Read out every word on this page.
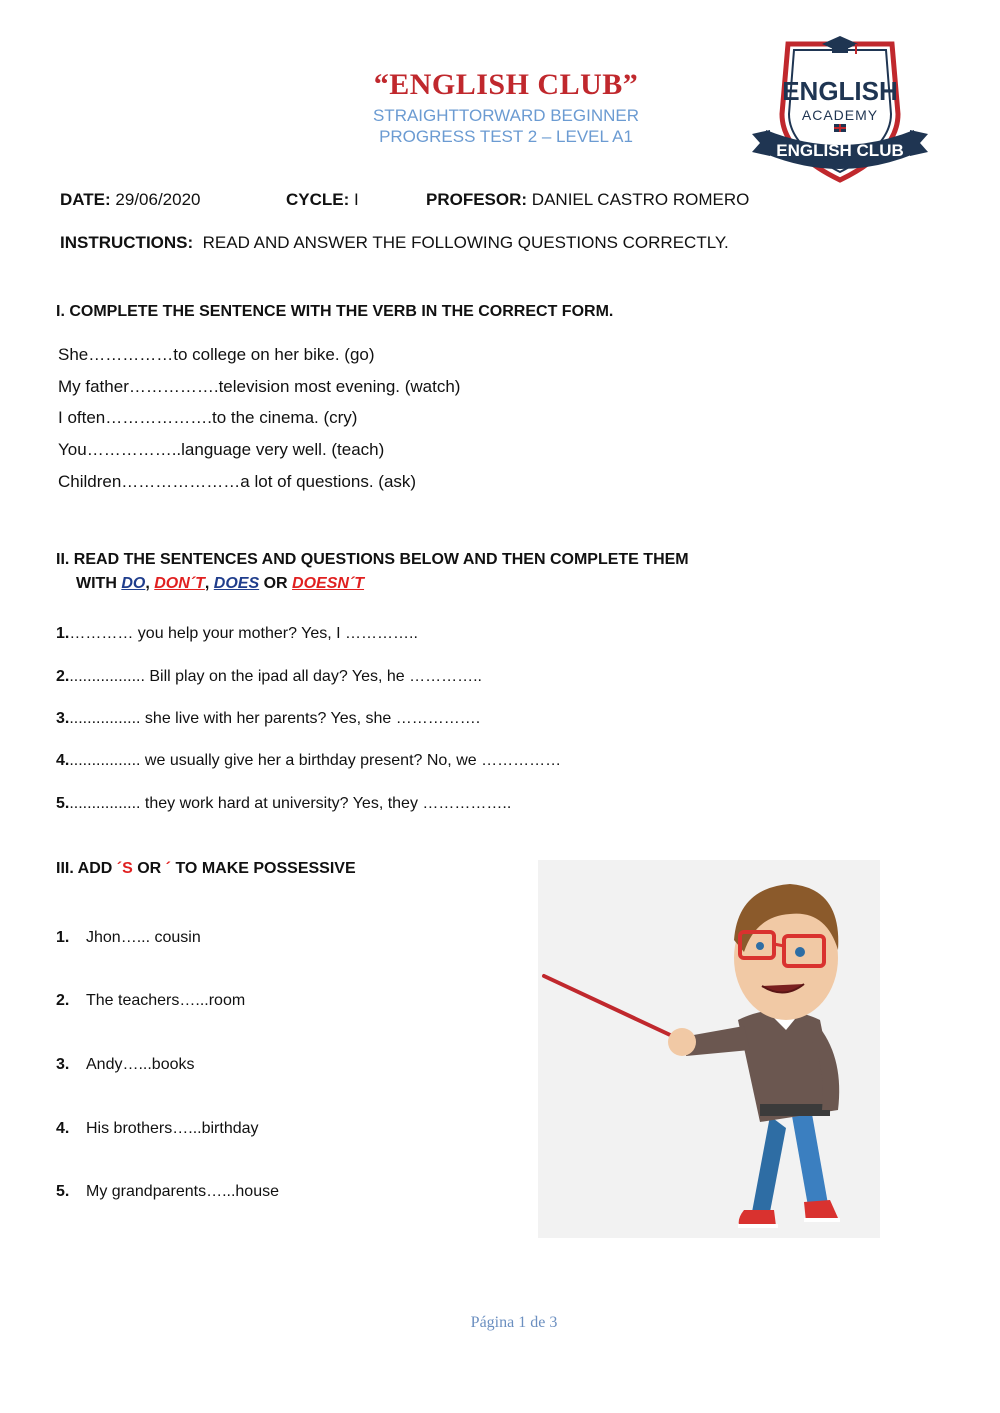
“ENGLISH CLUB”
STRAIGHTTORWARD BEGINNER
PROGRESS TEST 2 – LEVEL A1
ENGLISH
ACADEMY
ENGLISH CLUB
DATE: 29/06/2020	CYCLE: I	PROFESOR: DANIEL CASTRO ROMERO
INSTRUCTIONS: READ AND ANSWER THE FOLLOWING QUESTIONS CORRECTLY.
I. COMPLETE THE SENTENCE WITH THE VERB IN THE CORRECT FORM.
She……………to college on her bike. (go)
My father…………….television most evening. (watch)
I often……………….to the cinema. (cry)
You……………..language very well. (teach)
Children…………………a lot of questions. (ask)
II. READ THE SENTENCES AND QUESTIONS BELOW AND THEN COMPLETE THEM
WITH DO, DON´T, DOES OR DOESN´T
1.………… you help your mother? Yes, I …………..
2.................. Bill play on the ipad all day? Yes, he …………..
3................. she live with her parents? Yes, she …………….
4................. we usually give her a birthday present? No, we ……………
5................. they work hard at university? Yes, they ……………..
III. ADD ´S OR ´ TO MAKE POSSESSIVE
1. Jhon…... cousin
2. The teachers…...room
3. Andy…...books
4. His brothers…...birthday
5. My grandparents…...house
Página 1 de 3
